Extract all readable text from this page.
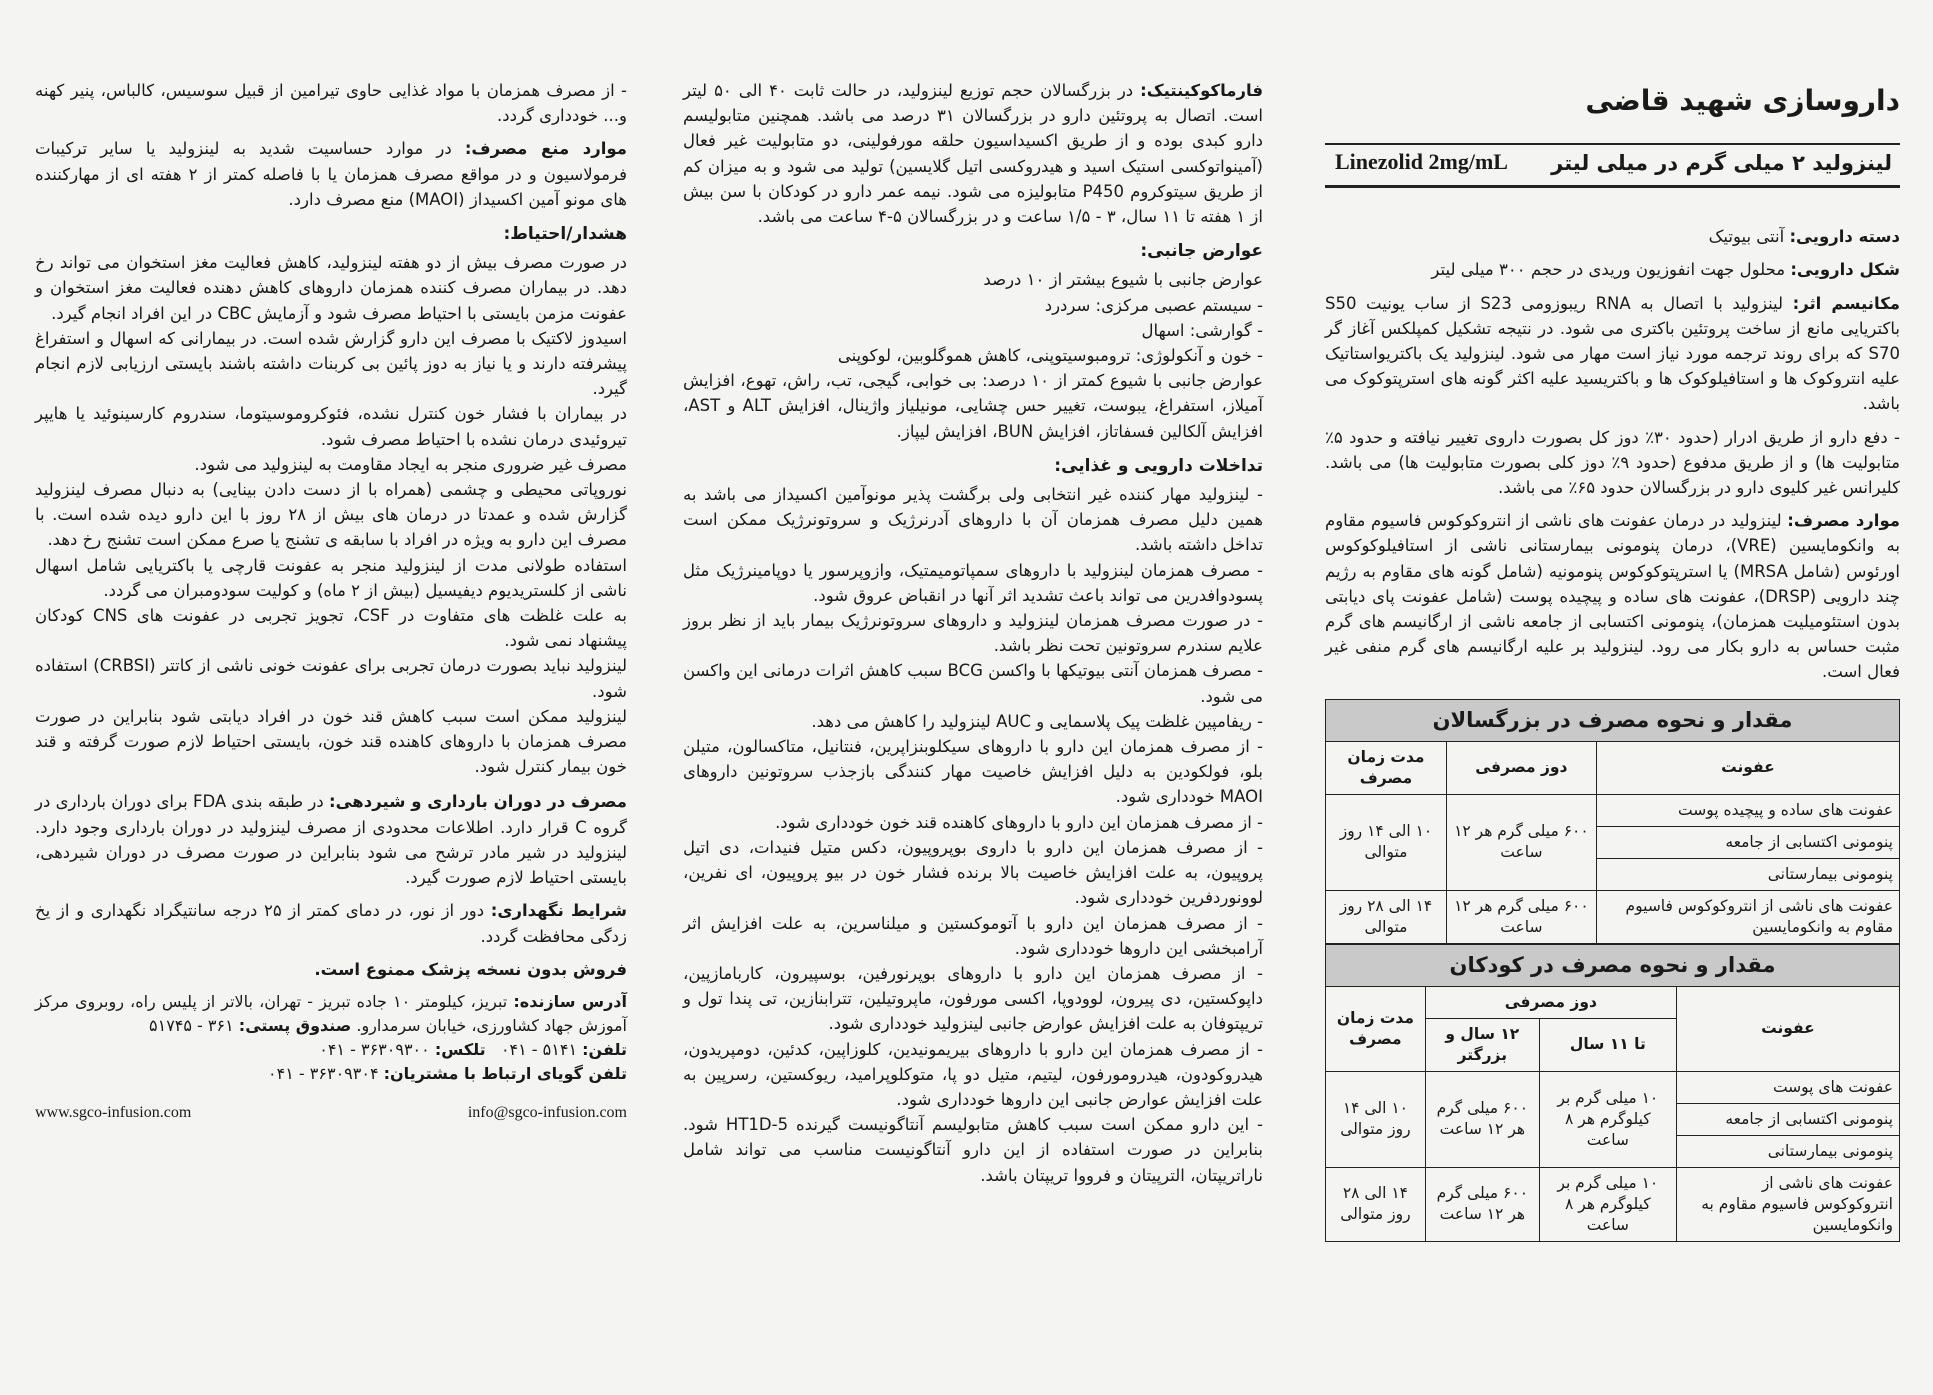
داروسازی شهید قاضی
لینزولید ۲ میلی گرم در میلی لیتر
Linezolid 2mg/mL

دسته دارویی: آنتی بیوتیک

شکل دارویی: محلول جهت انفوزیون وریدی در حجم ۳۰۰ میلی لیتر

مکانیسم اثر: لینزولید با اتصال به RNA ریبوزومی S23 از ساب یونیت S50 باکتریایی مانع از ساخت پروتئین باکتری می شود. در نتیجه تشکیل کمپلکس آغاز گر S70 که برای روند ترجمه مورد نیاز است مهار می شود. لینزولید یک باکتریواستاتیک علیه انتروکوک ها و استافیلوکوک ها و باکتریسید علیه اکثر گونه های استرپتوکوک می باشد.

- دفع دارو از طریق ادرار (حدود ۳۰٪ دوز کل بصورت داروی تغییر نیافته و حدود ۵٪ متابولیت ها) و از طریق مدفوع (حدود ۹٪ دوز کلی بصورت متابولیت ها) می باشد. کلیرانس غیر کلیوی دارو در بزرگسالان حدود ۶۵٪ می باشد.

موارد مصرف: لینزولید در درمان عفونت های ناشی از انتروکوکوس فاسیوم مقاوم به وانکومایسین (VRE)، درمان پنومونی بیمارستانی ناشی از استافیلوکوکوس اورئوس (شامل MRSA) یا استرپتوکوکوس پنومونیه (شامل گونه های مقاوم به رژیم چند دارویی (DRSP)، عفونت های ساده و پیچیده پوست (شامل عفونت پای دیابتی بدون استئومیلیت همزمان)، پنومونی اکتسابی از جامعه ناشی از ارگانیسم های گرم مثبت حساس به دارو بکار می رود. لینزولید بر علیه ارگانیسم های گرم منفی غیر فعال است.

مقدار و نحوه مصرف در بزرگسالان		
عفونت	دوز مصرفی	مدت زمان مصرف
عفونت های ساده و پیچیده پوست	۶۰۰ میلی گرم هر ۱۲ ساعت	۱۰ الی ۱۴ روز متوالی
پنومونی اکتسابی از جامعه		
پنومونی بیمارستانی		
عفونت های ناشی از انتروکوکوس فاسیوم مقاوم به وانکومایسین	۶۰۰ میلی گرم هر ۱۲ ساعت	۱۴ الی ۲۸ روز متوالی
مقدار و نحوه مصرف در کودکان			
عفونت	دوز مصرفی		مدت زمان مصرف
	تا ۱۱ سال	۱۲ سال و بزرگتر	
عفونت های پوست	۱۰ میلی گرم بر کیلوگرم هر ۸ ساعت	۶۰۰ میلی گرم هر ۱۲ ساعت	۱۰ الی ۱۴ روز متوالی
پنومونی اکتسابی از جامعه			
پنومونی بیمارستانی			
عفونت های ناشی از انتروکوکوس فاسیوم مقاوم به وانکومایسین	۱۰ میلی گرم بر کیلوگرم هر ۸ ساعت	۶۰۰ میلی گرم هر ۱۲ ساعت	۱۴ الی ۲۸ روز متوالی

فارماکوکینتیک: در بزرگسالان حجم توزیع لینزولید، در حالت ثابت ۴۰ الی ۵۰ لیتر است. اتصال به پروتئین دارو در بزرگسالان ۳۱ درصد می باشد. همچنین متابولیسم دارو کبدی بوده و از طریق اکسیداسیون حلقه مورفولینی، دو متابولیت غیر فعال (آمینواتوکسی استیک اسید و هیدروکسی اتیل گلایسین) تولید می شود و به میزان کم از طریق سیتوکروم P450 متابولیزه می شود. نیمه عمر دارو در کودکان با سن بیش از ۱ هفته تا ۱۱ سال، ۳ - ۱/۵ ساعت و در بزرگسالان ۵-۴ ساعت می باشد.

عوارض جانبی:
عوارض جانبی با شیوع بیشتر از ۱۰ درصد
- سیستم عصبی مرکزی: سردرد
- گوارشی: اسهال
- خون و آنکولوژی: ترومبوسیتوپنی، کاهش هموگلوبین، لوکوپنی
عوارض جانبی با شیوع کمتر از ۱۰ درصد: بی خوابی، گیجی، تب، راش، تهوع، افزایش آمیلاز، استفراغ، یبوست، تغییر حس چشایی، مونیلیاز واژینال، افزایش ALT و AST، افزایش آلکالین فسفاتاز، افزایش BUN، افزایش لیپاز.
تداخلات دارویی و غذایی:
- لینزولید مهار کننده غیر انتخابی ولی برگشت پذیر مونوآمین اکسیداز می باشد به همین دلیل مصرف همزمان آن با داروهای آدرنرژیک و سروتونرژیک ممکن است تداخل داشته باشد.
- مصرف همزمان لینزولید با داروهای سمپاتومیمتیک، وازوپرسور یا دوپامینرژیک مثل پسودوافدرین می تواند باعث تشدید اثر آنها در انقباض عروق شود.
- در صورت مصرف همزمان لینزولید و داروهای سروتونرژیک بیمار باید از نظر بروز علایم سندرم سروتونین تحت نظر باشد.
- مصرف همزمان آنتی بیوتیکها با واکسن BCG سبب کاهش اثرات درمانی این واکسن می شود.
- ریفامپین غلظت پیک پلاسمایی و AUC لینزولید را کاهش می دهد.
- از مصرف همزمان این دارو با داروهای سیکلوبنزاپرین، فنتانیل، متاکسالون، متیلن بلو، فولکودین به دلیل افزایش خاصیت مهار کنندگی بازجذب سروتونین داروهای MAOI خودداری شود.
- از مصرف همزمان این دارو با داروهای کاهنده قند خون خودداری شود.
- از مصرف همزمان این دارو با داروی بوپروپیون، دکس متیل فنیدات، دی اتیل پروپیون، به علت افزایش خاصیت بالا برنده فشار خون در بیو پروپیون، ای نفرین، لوونوردفرین خودداری شود.
- از مصرف همزمان این دارو با آتوموکستین و میلناسرین، به علت افزایش اثر آرامبخشی این داروها خودداری شود.
- از مصرف همزمان این دارو با داروهای بوپرنورفین، بوسپیرون، کاربامازپین، داپوکستین، دی پیرون، لوودوپا، اکسی مورفون، ماپروتیلین، تترابنازین، تی پندا تول و تریپتوفان به علت افزایش عوارض جانبی لینزولید خودداری شود.
- از مصرف همزمان این دارو با داروهای بیریمونیدین، کلوزاپین، کدئین، دومپریدون، هیدروکودون، هیدرومورفون، لیتیم، متیل دو پا، متوکلوپرامید، ریوکستین، رسرپین به علت افزایش عوارض جانبی این داروها خودداری شود.
- این دارو ممکن است سبب کاهش متابولیسم آنتاگونیست گیرنده 5-HT1D شود. بنابراین در صورت استفاده از این دارو آنتاگونیست مناسب می تواند شامل ناراتریپتان، الترپیتان و فرووا تریپتان باشد.

- از مصرف همزمان با مواد غذایی حاوی تیرامین از قبیل سوسیس، کالباس، پنیر کهنه و... خودداری گردد.

موارد منع مصرف: در موارد حساسیت شدید به لینزولید یا سایر ترکیبات فرمولاسیون و در مواقع مصرف همزمان یا با فاصله کمتر از ۲ هفته ای از مهارکننده های مونو آمین اکسیداز (MAOI) منع مصرف دارد.

هشدار/احتیاط:
در صورت مصرف بیش از دو هفته لینزولید، کاهش فعالیت مغز استخوان می تواند رخ دهد. در بیماران مصرف کننده همزمان داروهای کاهش دهنده فعالیت مغز استخوان و عفونت مزمن بایستی با احتیاط مصرف شود و آزمایش CBC در این افراد انجام گیرد.
اسیدوز لاکتیک با مصرف این دارو گزارش شده است. در بیمارانی که اسهال و استفراغ پیشرفته دارند و یا نیاز به دوز پائین بی کربنات داشته باشند بایستی ارزیابی لازم انجام گیرد.
در بیماران با فشار خون کنترل نشده، فئوکروموسیتوما، سندروم کارسینوئید یا هایپر تیروئیدی درمان نشده با احتیاط مصرف شود.
مصرف غیر ضروری منجر به ایجاد مقاومت به لینزولید می شود.
نوروپاتی محیطی و چشمی (همراه با از دست دادن بینایی) به دنبال مصرف لینزولید گزارش شده و عمدتا در درمان های بیش از ۲۸ روز با این دارو دیده شده است. با مصرف این دارو به ویژه در افراد با سابقه ی تشنج یا صرع ممکن است تشنج رخ دهد.
استفاده طولانی مدت از لینزولید منجر به عفونت قارچی یا باکتریایی شامل اسهال ناشی از کلستریدیوم دیفیسیل (بیش از ۲ ماه) و کولیت سودومبران می گردد.
به علت غلظت های متفاوت در CSF، تجویز تجربی در عفونت های CNS کودکان پیشنهاد نمی شود.
لینزولید نباید بصورت درمان تجربی برای عفونت خونی ناشی از کاتتر (CRBSI) استفاده شود.
لینزولید ممکن است سبب کاهش قند خون در افراد دیابتی شود بنابراین در صورت مصرف همزمان با داروهای کاهنده قند خون، بایستی احتیاط لازم صورت گرفته و قند خون بیمار کنترل شود.

مصرف در دوران بارداری و شیردهی: در طبقه بندی FDA برای دوران بارداری در گروه C قرار دارد. اطلاعات محدودی از مصرف لینزولید در دوران بارداری وجود دارد. لینزولید در شیر مادر ترشح می شود بنابراین در صورت مصرف در دوران شیردهی، بایستی احتیاط لازم صورت گیرد.

شرایط نگهداری: دور از نور، در دمای کمتر از ۲۵ درجه سانتیگراد نگهداری و از یخ زدگی محافظت گردد.

فروش بدون نسخه پزشک ممنوع است.

آدرس سازنده: تبریز، کیلومتر ۱۰ جاده تبریز - تهران، بالاتر از پلیس راه، روبروی مرکز آموزش جهاد کشاورزی، خیابان سرمدارو. صندوق پستی: ۳۶۱ - ۵۱۷۴۵
تلفن: ۵۱۴۱ - ۰۴۱   تلکس: ۳۶۳۰۹۳۰۰ - ۰۴۱
تلفن گویای ارتباط با مشتریان: ۳۶۳۰۹۳۰۴ - ۰۴۱
www.sgco-infusion.com	info@sgco-infusion.com
